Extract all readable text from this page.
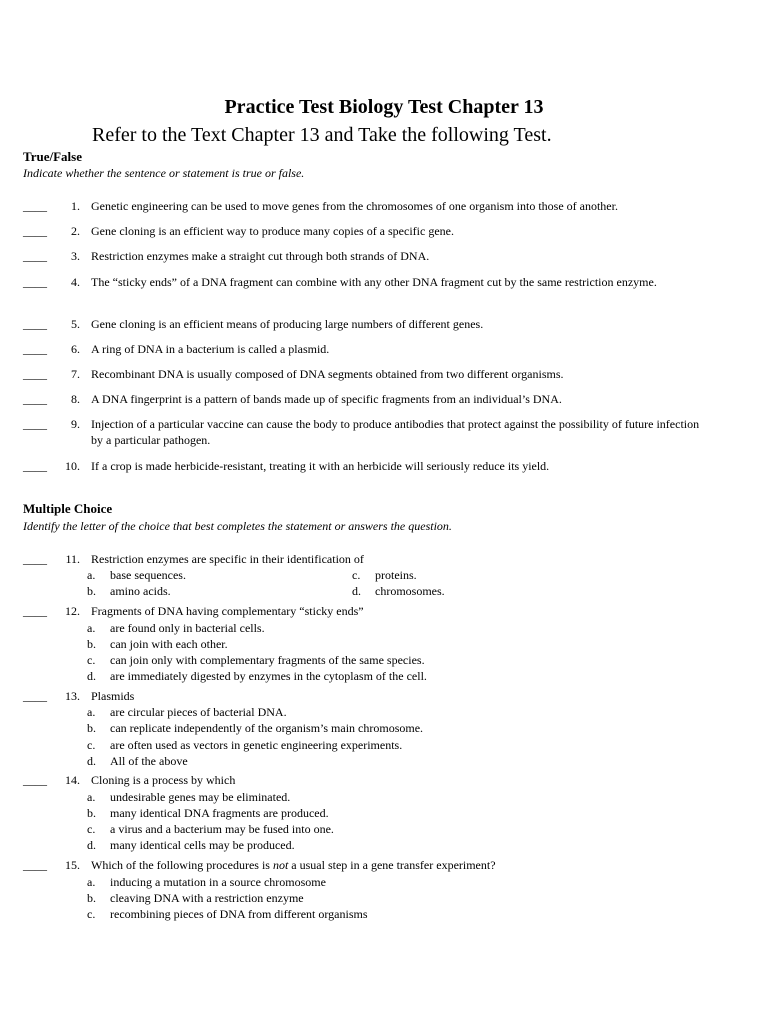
Practice Test Biology Test Chapter 13
Refer to the Text Chapter 13 and Take the following Test.
True/False
Indicate whether the sentence or statement is true or false.
____	1. Genetic engineering can be used to move genes from the chromosomes of one organism into those of another.
____	2. Gene cloning is an efficient way to produce many copies of a specific gene.
____	3. Restriction enzymes make a straight cut through both strands of DNA.
____	4. The “sticky ends” of a DNA fragment can combine with any other DNA fragment cut by the same restriction enzyme.
____	5. Gene cloning is an efficient means of producing large numbers of different genes.
____	6. A ring of DNA in a bacterium is called a plasmid.
____	7. Recombinant DNA is usually composed of DNA segments obtained from two different organisms.
____	8. A DNA fingerprint is a pattern of bands made up of specific fragments from an individual’s DNA.
____	9. Injection of a particular vaccine can cause the body to produce antibodies that protect against the possibility of future infection by a particular pathogen.
____	10. If a crop is made herbicide-resistant, treating it with an herbicide will seriously reduce its yield.
Multiple Choice
Identify the letter of the choice that best completes the statement or answers the question.
____	11. Restriction enzymes are specific in their identification of
a.	base sequences.
b.	amino acids.
c.	proteins.
d.	chromosomes.
____	12. Fragments of DNA having complementary “sticky ends”
a.	are found only in bacterial cells.
b.	can join with each other.
c.	can join only with complementary fragments of the same species.
d.	are immediately digested by enzymes in the cytoplasm of the cell.
____	13. Plasmids
a.	are circular pieces of bacterial DNA.
b.	can replicate independently of the organism’s main chromosome.
c.	are often used as vectors in genetic engineering experiments.
d.	All of the above
____	14. Cloning is a process by which
a.	undesirable genes may be eliminated.
b.	many identical DNA fragments are produced.
c.	a virus and a bacterium may be fused into one.
d.	many identical cells may be produced.
____	15. Which of the following procedures is not a usual step in a gene transfer experiment?
a.	inducing a mutation in a source chromosome
b.	cleaving DNA with a restriction enzyme
c.	recombining pieces of DNA from different organisms
